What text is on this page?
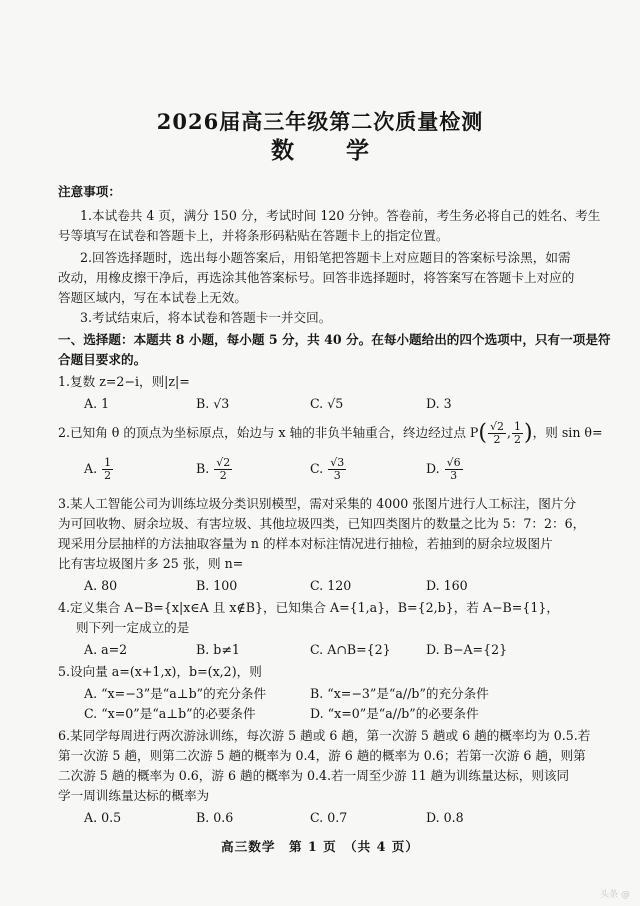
2026届高三年级第二次质量检测
数 学
注意事项：
1.本试卷共 4 页，满分 150 分，考试时间 120 分钟。答卷前，考生务必将自己的姓名、考生
号等填写在试卷和答题卡上，并将条形码粘贴在答题卡上的指定位置。
2.回答选择题时，选出每小题答案后，用铅笔把答题卡上对应题目的答案标号涂黑，如需
改动，用橡皮擦干净后，再选涂其他答案标号。回答非选择题时，将答案写在答题卡上对应的
答题区域内，写在本试卷上无效。
3.考试结束后，将本试卷和答题卡一并交回。
一、选择题：本题共 8 小题，每小题 5 分，共 40 分。在每小题给出的四个选项中，只有一项是符
合题目要求的。
1.复数 z=2−i，则|z|=
A. 1	B. √3	C. √5	D. 3
2.已知角 θ 的顶点为坐标原点，始边与 x 轴的非负半轴重合，终边经过点 $P( \frac{√2}{2}$ , $\frac{1}{2}$ )，则 sin θ=
A. $\frac{1}{2}$	B. $\frac{√2}{2}$	C. $\frac{√3}{3}$	D. $\frac{√6}{3}$
3.某人工智能公司为训练垃圾分类识别模型，需对采集的 4000 张图片进行人工标注，图片分
为可回收物、厨余垃圾、有害垃圾、其他垃圾四类，已知四类图片的数量之比为 5：7：2：6，
现采用分层抽样的方法抽取容量为 n 的样本对标注情况进行抽检，若抽到的厨余垃圾图片
比有害垃圾图片多 25 张，则 n=
A. 80	B. 100	C. 120	D. 160
4.定义集合 A−B={x|x∈A 且 x∉B}，已知集合 A={1,a}，B={2,b}，若 A−B={1}，
则下列一定成立的是
A. a=2	B. b≠1	C. A∩B={2}	D. B−A={2}
5.设向量 a=(x+1,x)，b=(x,2)，则
A. “x=−3”是“a⊥b”的充分条件	B. “x=−3”是“a//b”的充分条件
C. “x=0”是“a⊥b”的必要条件	D. “x=0”是“a//b”的必要条件
6.某同学每周进行两次游泳训练，每次游 5 趟或 6 趟，第一次游 5 趟或 6 趟的概率均为 0.5.若
第一次游 5 趟，则第二次游 5 趟的概率为 0.4，游 6 趟的概率为 0.6；若第一次游 6 趟，则第
二次游 5 趟的概率为 0.6，游 6 趟的概率为 0.4.若一周至少游 11 趟为训练量达标，则该同
学一周训练量达标的概率为
A. 0.5	B. 0.6	C. 0.7	D. 0.8
高三数学　第 1 页　（共 4 页）
头条 @
